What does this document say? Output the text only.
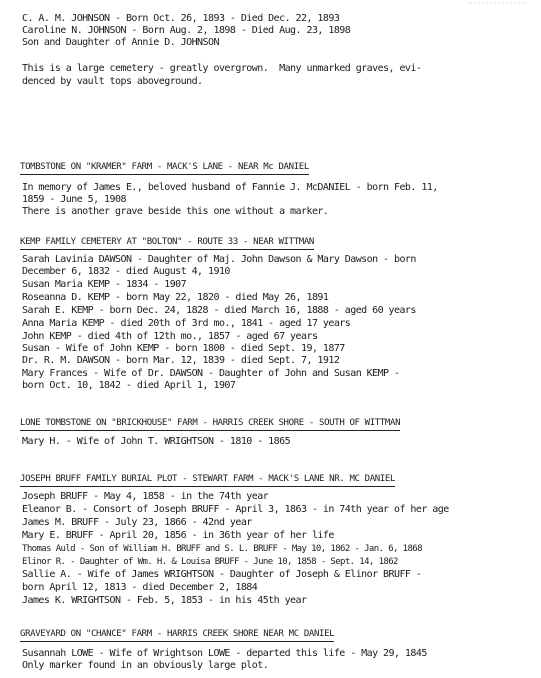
C. A. M. JOHNSON - Born Oct. 26, 1893 - Died Dec. 22, 1893
Caroline N. JOHNSON - Born Aug. 2, 1898 - Died Aug. 23, 1898
Son and Daughter of Annie D. JOHNSON
This is a large cemetery - greatly overgrown.  Many unmarked graves, evi-
denced by vault tops aboveground.
TOMBSTONE ON "KRAMER" FARM - MACK'S LANE - NEAR Mc DANIEL
In memory of James E., beloved husband of Fannie J. McDANIEL - born Feb. 11,
1859 - June 5, 1908
There is another grave beside this one without a marker.
KEMP FAMILY CEMETERY AT "BOLTON" - ROUTE 33 - NEAR WITTMAN
Sarah Lavinia DAWSON - Daughter of Maj. John Dawson & Mary Dawson - born
December 6, 1832 - died August 4, 1910
Susan Maria KEMP - 1834 - 1907
Roseanna D. KEMP - born May 22, 1820 - died May 26, 1891
Sarah E. KEMP - born Dec. 24, 1828 - died March 16, 1888 - aged 60 years
Anna Maria KEMP - died 20th of 3rd mo., 1841 - aged 17 years
John KEMP - died 4th of 12th mo., 1857 - aged 67 years
Susan - Wife of John KEMP - born 1800 - died Sept. 19, 1877
Dr. R. M. DAWSON - born Mar. 12, 1839 - died Sept. 7, 1912
Mary Frances - Wife of Dr. DAWSON - Daughter of John and Susan KEMP -
born Oct. 10, 1842 - died April 1, 1907
LONE TOMBSTONE ON "BRICKHOUSE" FARM - HARRIS CREEK SHORE - SOUTH OF WITTMAN
Mary H. - Wife of John T. WRIGHTSON - 1810 - 1865
JOSEPH BRUFF FAMILY BURIAL PLOT - STEWART FARM - MACK'S LANE NR. MC DANIEL
Joseph BRUFF - May 4, 1858 - in the 74th year
Eleanor B. - Consort of Joseph BRUFF - April 3, 1863 - in 74th year of her age
James M. BRUFF - July 23, 1866 - 42nd year
Mary E. BRUFF - April 20, 1856 - in 36th year of her life
Thomas Auld - Son of William H. BRUFF and S. L. BRUFF - May 10, 1862 - Jan. 6, 1868
Elinor R. - Daughter of Wm. H. & Louisa BRUFF - June 10, 1858 - Sept. 14, 1862
Sallie A. - Wife of James WRIGHTSON - Daughter of Joseph & Elinor BRUFF -
born April 12, 1813 - died December 2, 1884
James K. WRIGHTSON - Feb. 5, 1853 - in his 45th year
GRAVEYARD ON "CHANCE" FARM - HARRIS CREEK SHORE NEAR MC DANIEL
Susannah LOWE - Wife of Wrightson LOWE - departed this life - May 29, 1845
Only marker found in an obviously large plot.
